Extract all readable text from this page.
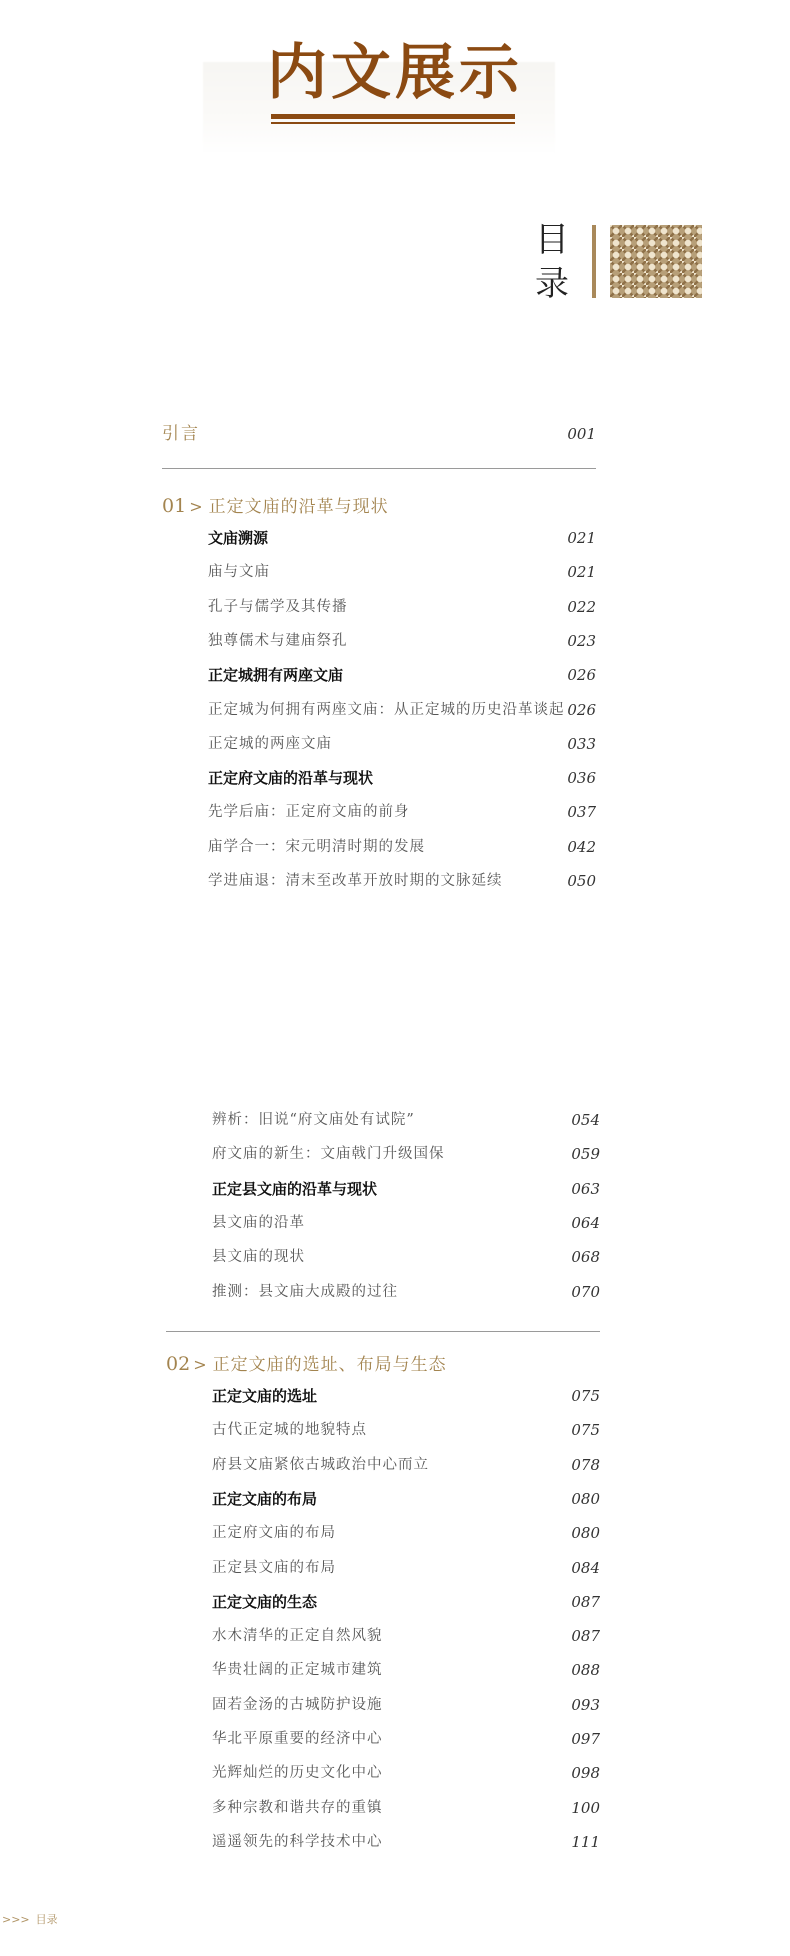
内文展示
目
录
引言	001
01 > 正定文庙的沿革与现状
文庙溯源	021
庙与文庙	021
孔子与儒学及其传播	022
独尊儒术与建庙祭孔	023
正定城拥有两座文庙	026
正定城为何拥有两座文庙：从正定城的历史沿革谈起 026
正定城的两座文庙	033
正定府文庙的沿革与现状	036
先学后庙：正定府文庙的前身	037
庙学合一：宋元明清时期的发展	042
学进庙退：清末至改革开放时期的文脉延续	050
辨析：旧说“府文庙处有试院”	054
府文庙的新生：文庙戟门升级国保	059
正定县文庙的沿革与现状	063
县文庙的沿革	064
县文庙的现状	068
推测：县文庙大成殿的过往	070
02 > 正定文庙的选址、布局与生态
正定文庙的选址	075
古代正定城的地貌特点	075
府县文庙紧依古城政治中心而立	078
正定文庙的布局	080
正定府文庙的布局	080
正定县文庙的布局	084
正定文庙的生态	087
水木清华的正定自然风貌	087
华贵壮阔的正定城市建筑	088
固若金汤的古城防护设施	093
华北平原重要的经济中心	097
光辉灿烂的历史文化中心	098
多种宗教和谐共存的重镇	100
遥遥领先的科学技术中心	111
>>> 目录
